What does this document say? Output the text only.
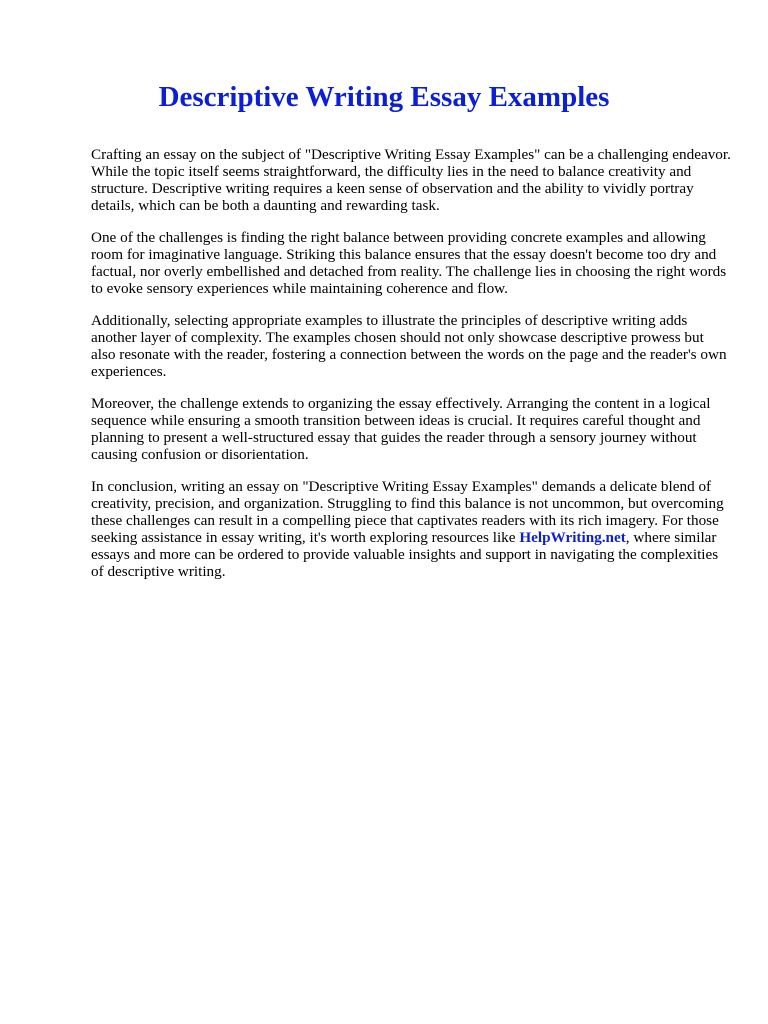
Descriptive Writing Essay Examples

Crafting an essay on the subject of "Descriptive Writing Essay Examples" can be a challenging endeavor. While the topic itself seems straightforward, the difficulty lies in the need to balance creativity and structure. Descriptive writing requires a keen sense of observation and the ability to vividly portray details, which can be both a daunting and rewarding task.

One of the challenges is finding the right balance between providing concrete examples and allowing room for imaginative language. Striking this balance ensures that the essay doesn't become too dry and factual, nor overly embellished and detached from reality. The challenge lies in choosing the right words to evoke sensory experiences while maintaining coherence and flow.

Additionally, selecting appropriate examples to illustrate the principles of descriptive writing adds another layer of complexity. The examples chosen should not only showcase descriptive prowess but also resonate with the reader, fostering a connection between the words on the page and the reader's own experiences.

Moreover, the challenge extends to organizing the essay effectively. Arranging the content in a logical sequence while ensuring a smooth transition between ideas is crucial. It requires careful thought and planning to present a well-structured essay that guides the reader through a sensory journey without causing confusion or disorientation.

In conclusion, writing an essay on "Descriptive Writing Essay Examples" demands a delicate blend of creativity, precision, and organization. Struggling to find this balance is not uncommon, but overcoming these challenges can result in a compelling piece that captivates readers with its rich imagery. For those seeking assistance in essay writing, it's worth exploring resources like HelpWriting.net, where similar essays and more can be ordered to provide valuable insights and support in navigating the complexities of descriptive writing.
